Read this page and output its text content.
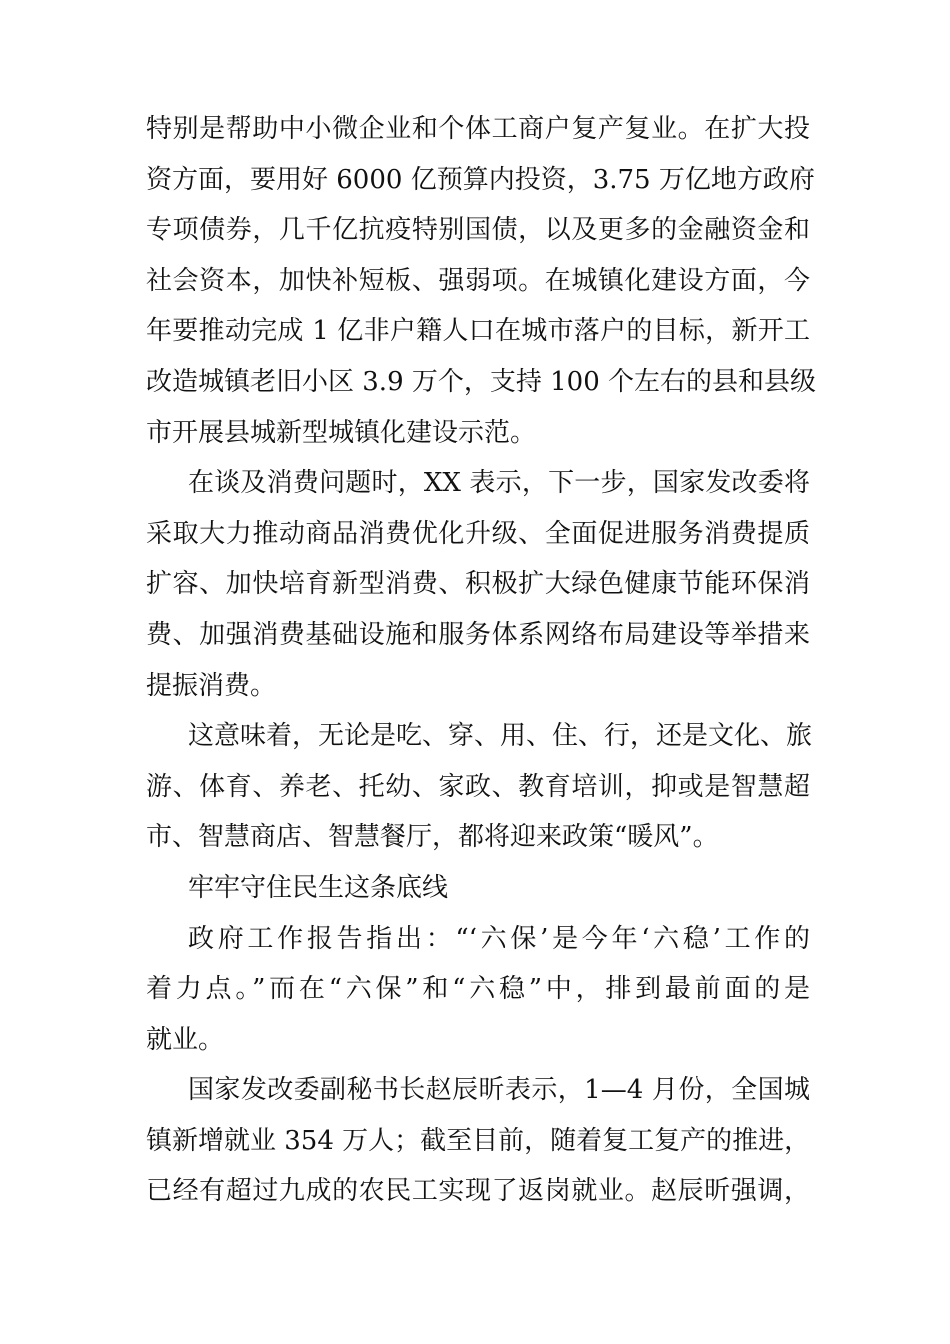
特别是帮助中小微企业和个体工商户复产复业。在扩大投
资方面，要用好 6000 亿预算内投资，3.75 万亿地方政府
专项债券，几千亿抗疫特别国债，以及更多的金融资金和
社会资本，加快补短板、强弱项。在城镇化建设方面，今
年要推动完成 1 亿非户籍人口在城市落户的目标，新开工
改造城镇老旧小区 3.9 万个，支持 100 个左右的县和县级
市开展县城新型城镇化建设示范。
在谈及消费问题时，XX 表示，下一步，国家发改委将
采取大力推动商品消费优化升级、全面促进服务消费提质
扩容、加快培育新型消费、积极扩大绿色健康节能环保消
费、加强消费基础设施和服务体系网络布局建设等举措来
提振消费。
这意味着，无论是吃、穿、用、住、行，还是文化、旅
游、体育、养老、托幼、家政、教育培训，抑或是智慧超
市、智慧商店、智慧餐厅，都将迎来政策“暖风”。
牢牢守住民生这条底线
政府工作报告指出：“‘六保’是今年‘六稳’工作的
着力点。”而在“六保”和“六稳”中，排到最前面的是
就业。
国家发改委副秘书长赵辰昕表示，1—4 月份，全国城
镇新增就业 354 万人；截至目前，随着复工复产的推进，
已经有超过九成的农民工实现了返岗就业。赵辰昕强调，
